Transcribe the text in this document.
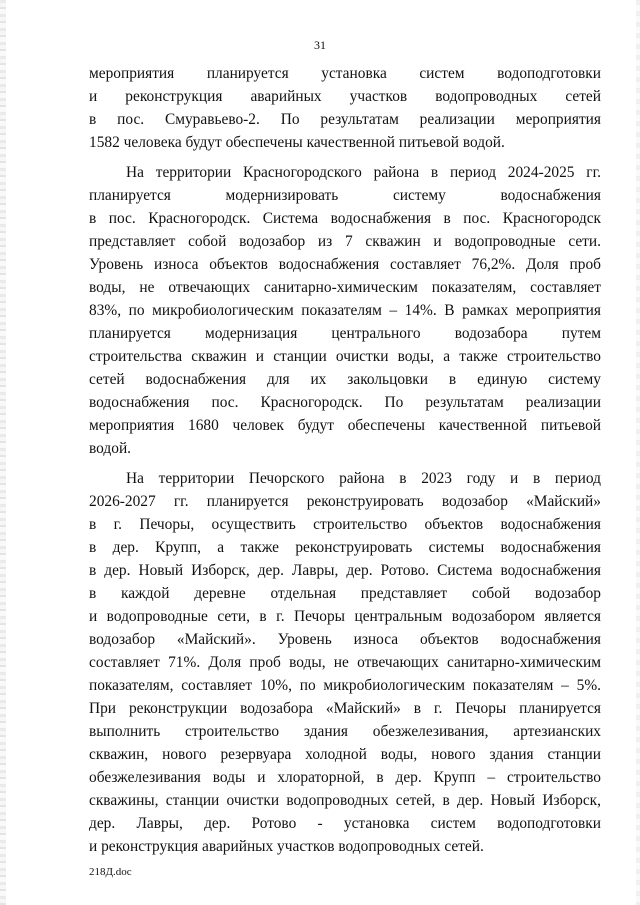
31
мероприятия планируется установка систем водоподготовки
и реконструкция аварийных участков водопроводных сетей
в пос. Смуравьево-2. По результатам реализации мероприятия
1582 человека будут обеспечены качественной питьевой водой.
На территории Красногородского района в период 2024-2025 гг.
планируется модернизировать систему водоснабжения
в пос. Красногородск. Система водоснабжения в пос. Красногородск
представляет собой водозабор из 7 скважин и водопроводные сети.
Уровень износа объектов водоснабжения составляет 76,2%. Доля проб
воды, не отвечающих санитарно-химическим показателям, составляет
83%, по микробиологическим показателям – 14%. В рамках мероприятия
планируется модернизация центрального водозабора путем
строительства скважин и станции очистки воды, а также строительство
сетей водоснабжения для их закольцовки в единую систему
водоснабжения пос. Красногородск. По результатам реализации
мероприятия 1680 человек будут обеспечены качественной питьевой
водой.
На территории Печорского района в 2023 году и в период
2026-2027 гг. планируется реконструировать водозабор «Майский»
в г. Печоры, осуществить строительство объектов водоснабжения
в дер. Крупп, а также реконструировать системы водоснабжения
в дер. Новый Изборск, дер. Лавры, дер. Ротово. Система водоснабжения
в каждой деревне отдельная представляет собой водозабор
и водопроводные сети, в г. Печоры центральным водозабором является
водозабор «Майский». Уровень износа объектов водоснабжения
составляет 71%. Доля проб воды, не отвечающих санитарно-химическим
показателям, составляет 10%, по микробиологическим показателям – 5%.
При реконструкции водозабора «Майский» в г. Печоры планируется
выполнить строительство здания обезжелезивания, артезианских
скважин, нового резервуара холодной воды, нового здания станции
обезжелезивания воды и хлораторной, в дер. Крупп – строительство
скважины, станции очистки водопроводных сетей, в дер. Новый Изборск,
дер. Лавры, дер. Ротово - установка систем водоподготовки
и реконструкция аварийных участков водопроводных сетей.
218Д.doc
